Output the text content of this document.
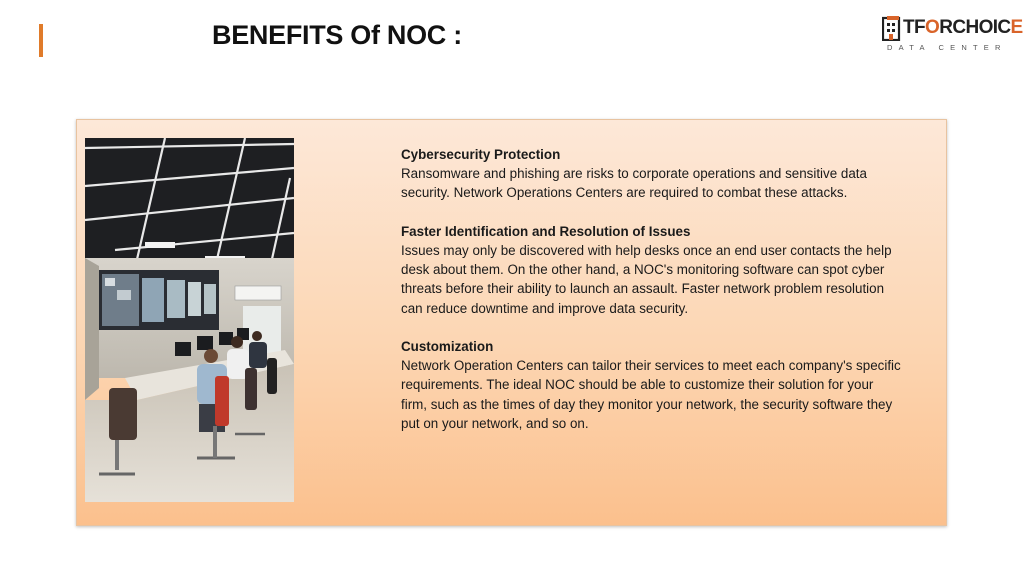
BENEFITS Of NOC :	TFORCHOICE
DATA CENTER
Cybersecurity Protection
Ransomware and phishing are risks to corporate operations and sensitive data security. Network Operations Centers are required to combat these attacks.
Faster Identification and Resolution of Issues
Issues may only be discovered with help desks once an end user contacts the help desk about them. On the other hand, a NOC's monitoring software can spot cyber threats before their ability to launch an assault. Faster network problem resolution can reduce downtime and improve data security.
Customization
Network Operation Centers can tailor their services to meet each company's specific requirements. The ideal NOC should be able to customize their solution for your firm, such as the times of day they monitor your network, the security software they put on your network, and so on.
